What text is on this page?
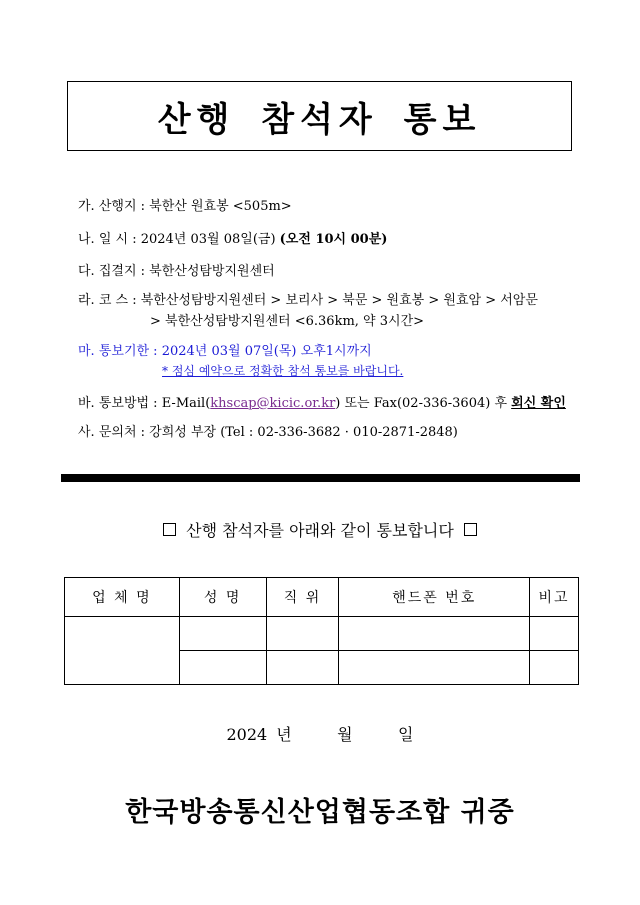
산행 참석자 통보
가. 산행지 : 북한산 원효봉 <505m>
나. 일 시 : 2024년 03월 08일(금) (오전 10시 00분)
다. 집결지 : 북한산성탐방지원센터
라. 코 스 : 북한산성탐방지원센터 > 보리사 > 북문 > 원효봉 > 원효암 > 서암문
> 북한산성탐방지원센터 <6.36km, 약 3시간>
마. 통보기한 : 2024년 03월 07일(목) 오후1시까지
* 점심 예약으로 정확한 참석 통보를 바랍니다.
바. 통보방법 : E-Mail(khscap@kicic.or.kr) 또는 Fax(02-336-3604) 후 회신 확인
사. 문의처 : 강희성 부장 (Tel : 02-336-3682 · 010-2871-2848)
산행 참석자를 아래와 같이 통보합니다
업 체 명	성 명	직 위	핸드폰 번호	비고

2024 년     월     일
한국방송통신산업협동조합 귀중
